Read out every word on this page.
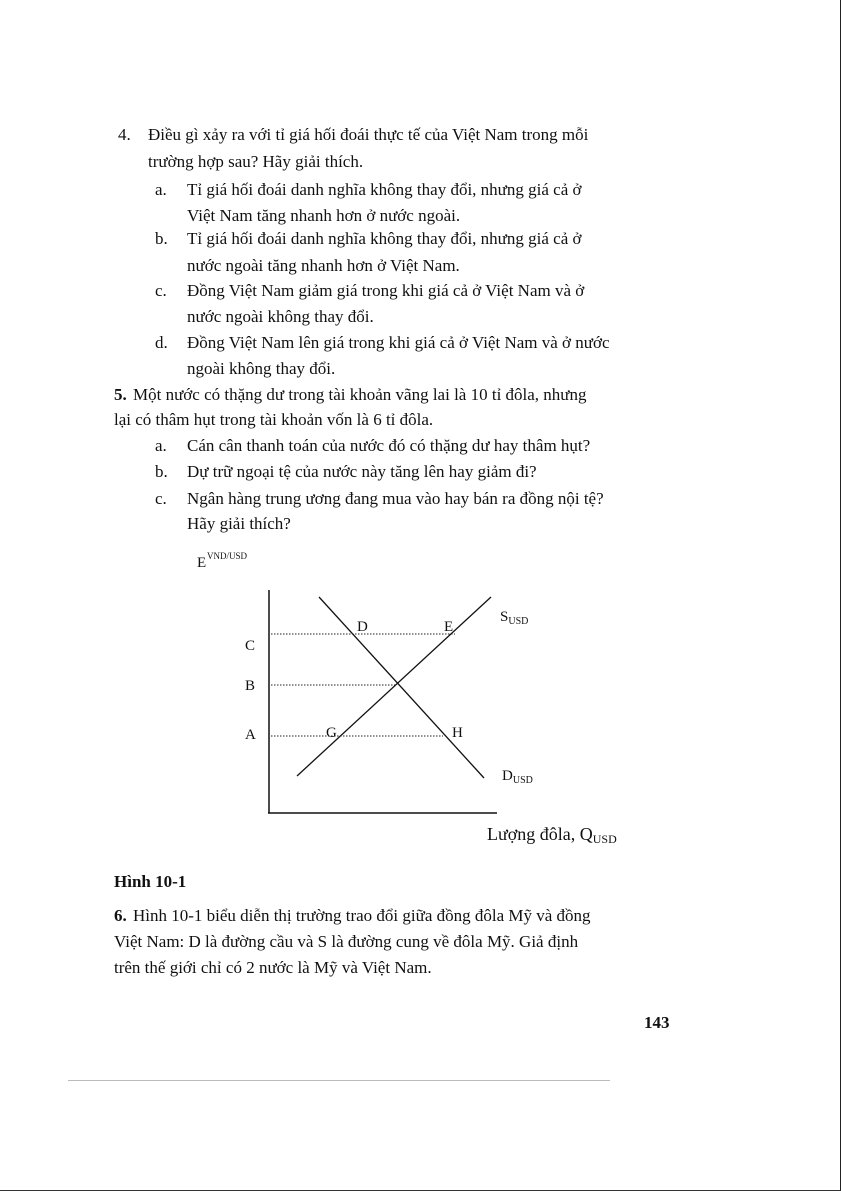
4. Điều gì xảy ra với tỉ giá hối đoái thực tế của Việt Nam trong mỗi
trường hợp sau? Hãy giải thích.
a. Tỉ giá hối đoái danh nghĩa không thay đổi, nhưng giá cả ở
Việt Nam tăng nhanh hơn ở nước ngoài.
b. Tỉ giá hối đoái danh nghĩa không thay đổi, nhưng giá cả ở
nước ngoài tăng nhanh hơn ở Việt Nam.
c. Đồng Việt Nam giảm giá trong khi giá cả ở Việt Nam và ở
nước ngoài không thay đổi.
d. Đồng Việt Nam lên giá trong khi giá cả ở Việt Nam và ở nước
ngoài không thay đổi.
5. Một nước có thặng dư trong tài khoản vãng lai là 10 tỉ đôla, nhưng
lại có thâm hụt trong tài khoản vốn là 6 tỉ đôla.
a. Cán cân thanh toán của nước đó có thặng dư hay thâm hụt?
b. Dự trữ ngoại tệ của nước này tăng lên hay giảm đi?
c. Ngân hàng trung ương đang mua vào hay bán ra đồng nội tệ?
Hãy giải thích?
E VND/USD
C
B
A
D	E
G	H
$S_{USD}$
$D_{USD}$
Lượng đôla, QUSD
Hình 10-1
6. Hình 10-1 biểu diễn thị trường trao đổi giữa đồng đôla Mỹ và đồng
Việt Nam: D là đường cầu và S là đường cung về đôla Mỹ. Giả định
trên thế giới chỉ có 2 nước là Mỹ và Việt Nam.
143
